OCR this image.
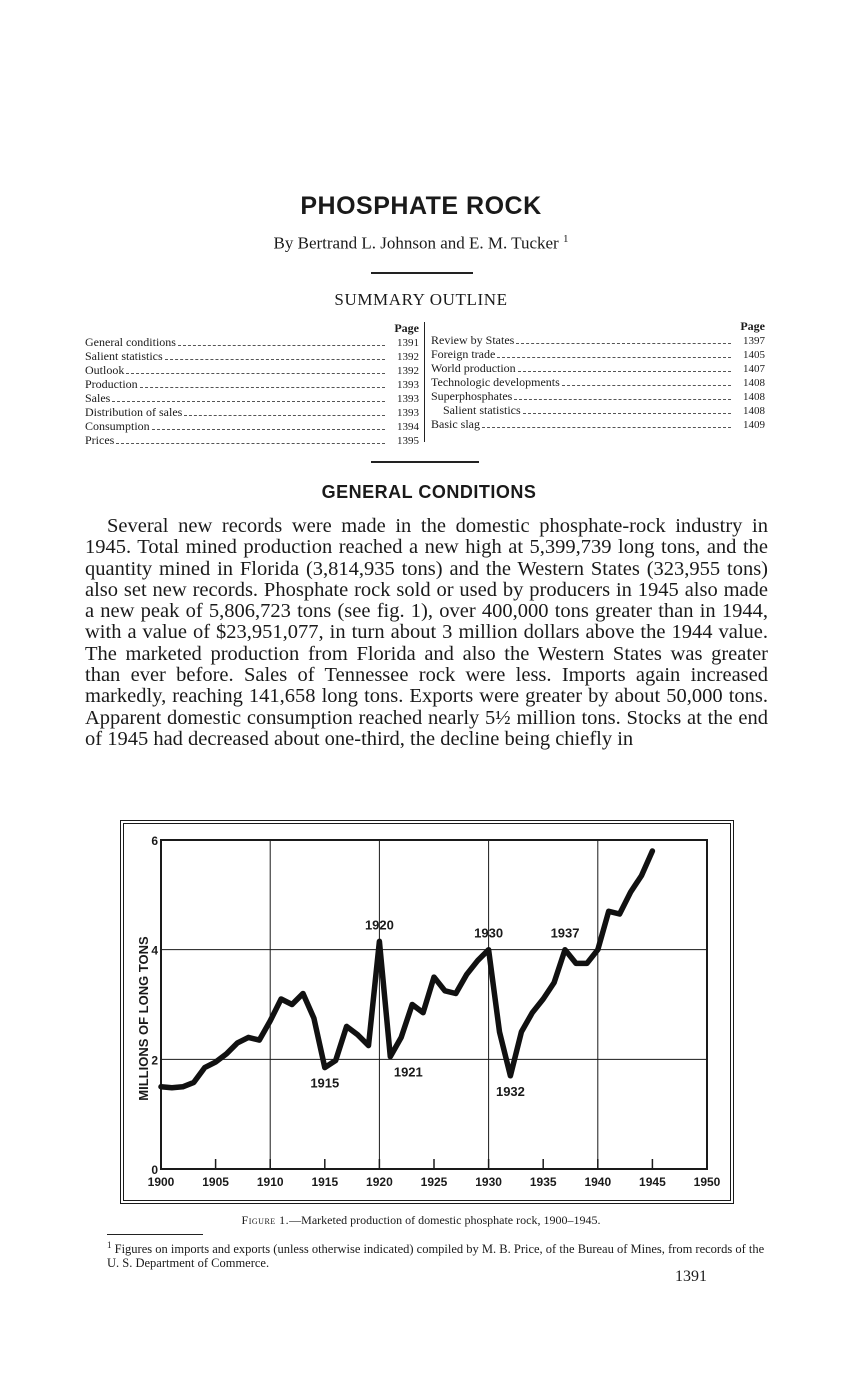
PHOSPHATE ROCK
By Bertrand L. Johnson and E. M. Tucker $^1$
SUMMARY OUTLINE
Page
General conditions	1391
Salient statistics	1392
Outlook	1392
Production	1393
Sales	1393
Distribution of sales	1393
Consumption	1394
Prices	1395
Page
Review by States	1397
Foreign trade	1405
World production	1407
Technologic developments	1408
Superphosphates	1408
Salient statistics	1408
Basic slag	1409
GENERAL CONDITIONS
Several new records were made in the domestic phosphate-rock industry in 1945. Total mined production reached a new high at 5,399,739 long tons, and the quantity mined in Florida (3,814,935 tons) and the Western States (323,955 tons) also set new records. Phosphate rock sold or used by producers in 1945 also made a new peak of 5,806,723 tons (see fig. 1), over 400,000 tons greater than in 1944, with a value of $23,951,077, in turn about 3 million dollars above the 1944 value. The marketed production from Florida and also the Western States was greater than ever before. Sales of Tennessee rock were less. Imports again increased markedly, reaching 141,658 long tons. Exports were greater by about 50,000 tons. Apparent domestic consumption reached nearly 5½ million tons. Stocks at the end of 1945 had decreased about one-third, the decline being chiefly in
1900 1905 1910 1915 1920 1925 1930 1935 1940 1945 1950
0
2
4
6
MILLIONS OF LONG TONS
1920
1930	1937
1915
1921
1932
Figure 1.—Marketed production of domestic phosphate rock, 1900–1945.
$^1$ Figures on imports and exports (unless otherwise indicated) compiled by M. B. Price, of the Bureau of Mines, from records of the U. S. Department of Commerce.
1391
